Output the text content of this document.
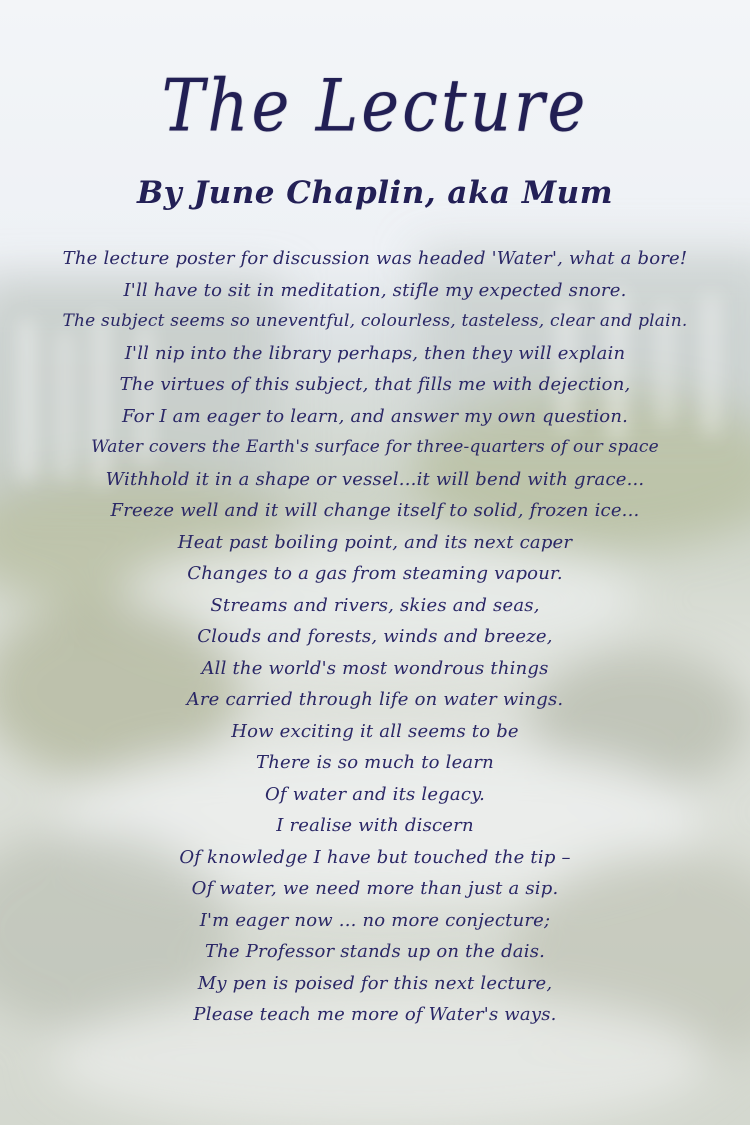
The Lecture
By June Chaplin, aka Mum
The lecture poster for discussion was headed 'Water', what a bore!
I'll have to sit in meditation, stifle my expected snore.
The subject seems so uneventful, colourless, tasteless, clear and plain.
I'll nip into the library perhaps, then they will explain
The virtues of this subject, that fills me with dejection,
For I am eager to learn, and answer my own question.
Water covers the Earth's surface for three-quarters of our space
Withhold it in a shape or vessel...it will bend with grace...
Freeze well and it will change itself to solid, frozen ice...
Heat past boiling point, and its next caper
Changes to a gas from steaming vapour.
Streams and rivers, skies and seas,
Clouds and forests, winds and breeze,
All the world's most wondrous things
Are carried through life on water wings.
How exciting it all seems to be
There is so much to learn
Of water and its legacy.
I realise with discern
Of knowledge I have but touched the tip –
Of water, we need more than just a sip.
I'm eager now ... no more conjecture;
The Professor stands up on the dais.
My pen is poised for this next lecture,
Please teach me more of Water's ways.
